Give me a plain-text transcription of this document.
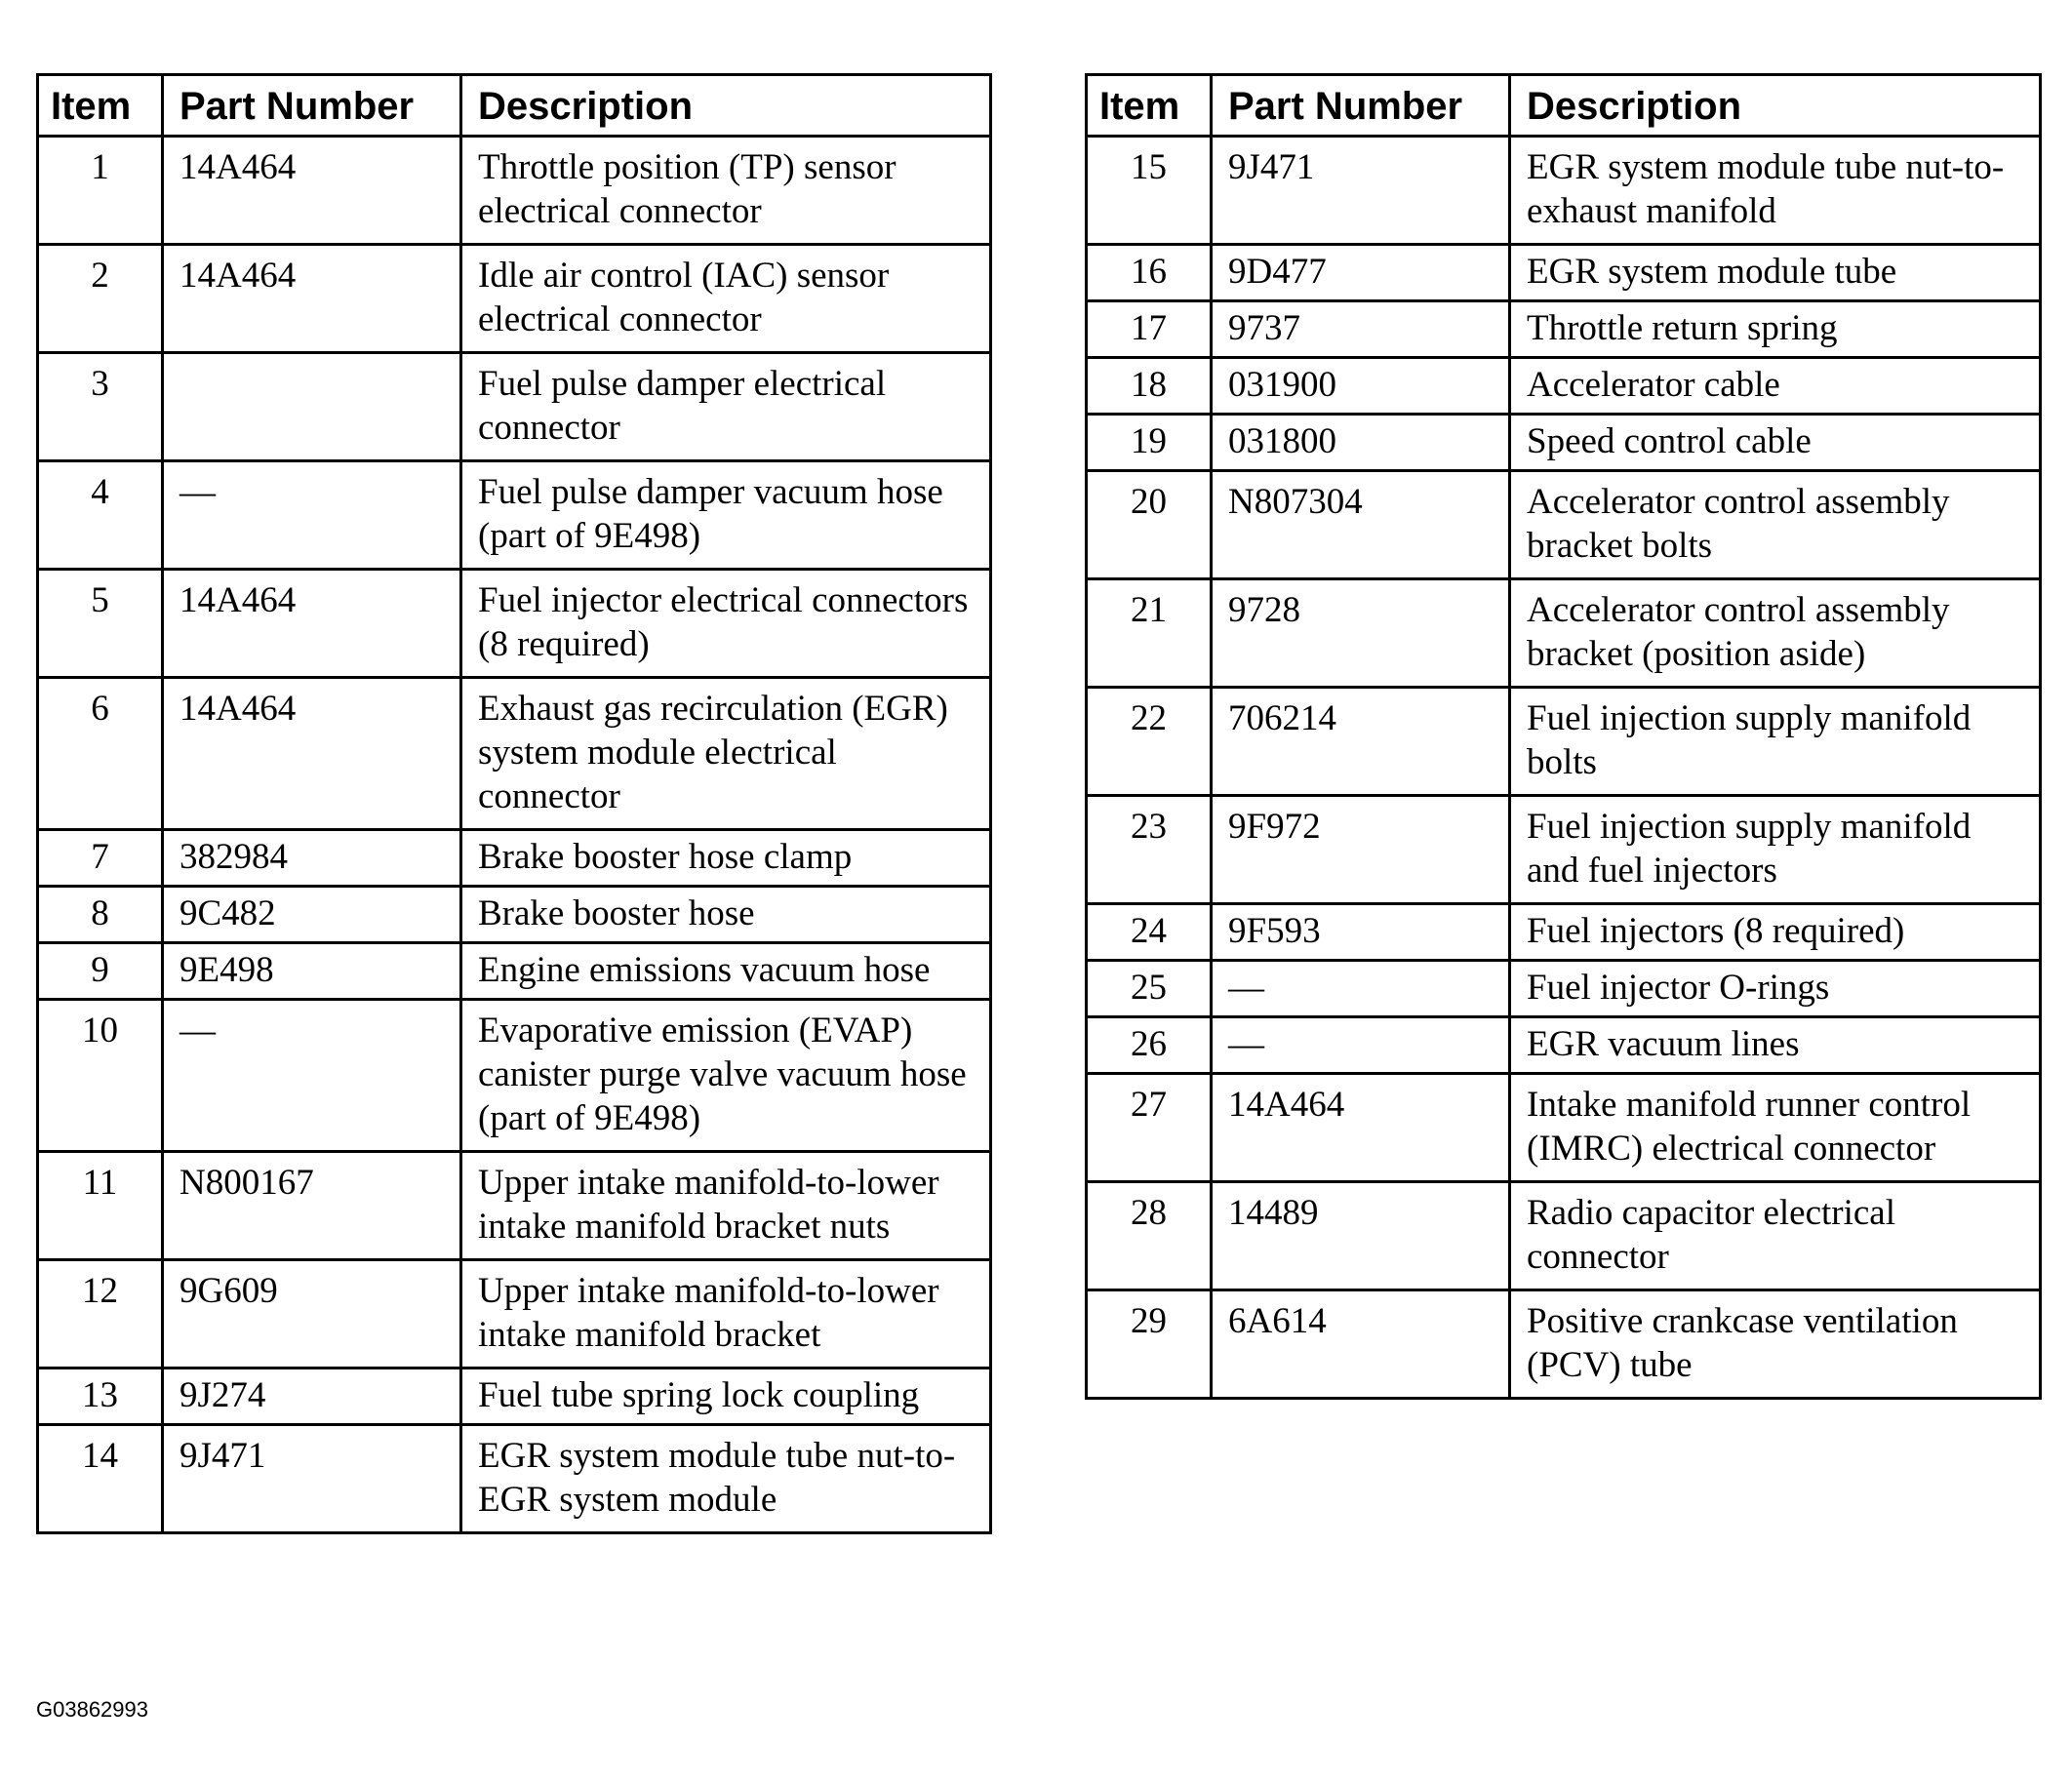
Item	Part Number	Description
1	14A464	Throttle position (TP) sensor electrical connector
2	14A464	Idle air control (IAC) sensor electrical connector
3		Fuel pulse damper electrical connector
4	—	Fuel pulse damper vacuum hose (part of 9E498)
5	14A464	Fuel injector electrical connectors (8 required)
6	14A464	Exhaust gas recirculation (EGR) system module electrical connector
7	382984	Brake booster hose clamp
8	9C482	Brake booster hose
9	9E498	Engine emissions vacuum hose
10	—	Evaporative emission (EVAP) canister purge valve vacuum hose (part of 9E498)
11	N800167	Upper intake manifold-to-lower intake manifold bracket nuts
12	9G609	Upper intake manifold-to-lower intake manifold bracket
13	9J274	Fuel tube spring lock coupling
14	9J471	EGR system module tube nut-to-EGR system module
Item	Part Number	Description
15	9J471	EGR system module tube nut-to-exhaust manifold
16	9D477	EGR system module tube
17	9737	Throttle return spring
18	031900	Accelerator cable
19	031800	Speed control cable
20	N807304	Accelerator control assembly bracket bolts
21	9728	Accelerator control assembly bracket (position aside)
22	706214	Fuel injection supply manifold bolts
23	9F972	Fuel injection supply manifold and fuel injectors
24	9F593	Fuel injectors (8 required)
25	—	Fuel injector O-rings
26	—	EGR vacuum lines
27	14A464	Intake manifold runner control (IMRC) electrical connector
28	14489	Radio capacitor electrical connector
29	6A614	Positive crankcase ventilation (PCV) tube
G03862993
